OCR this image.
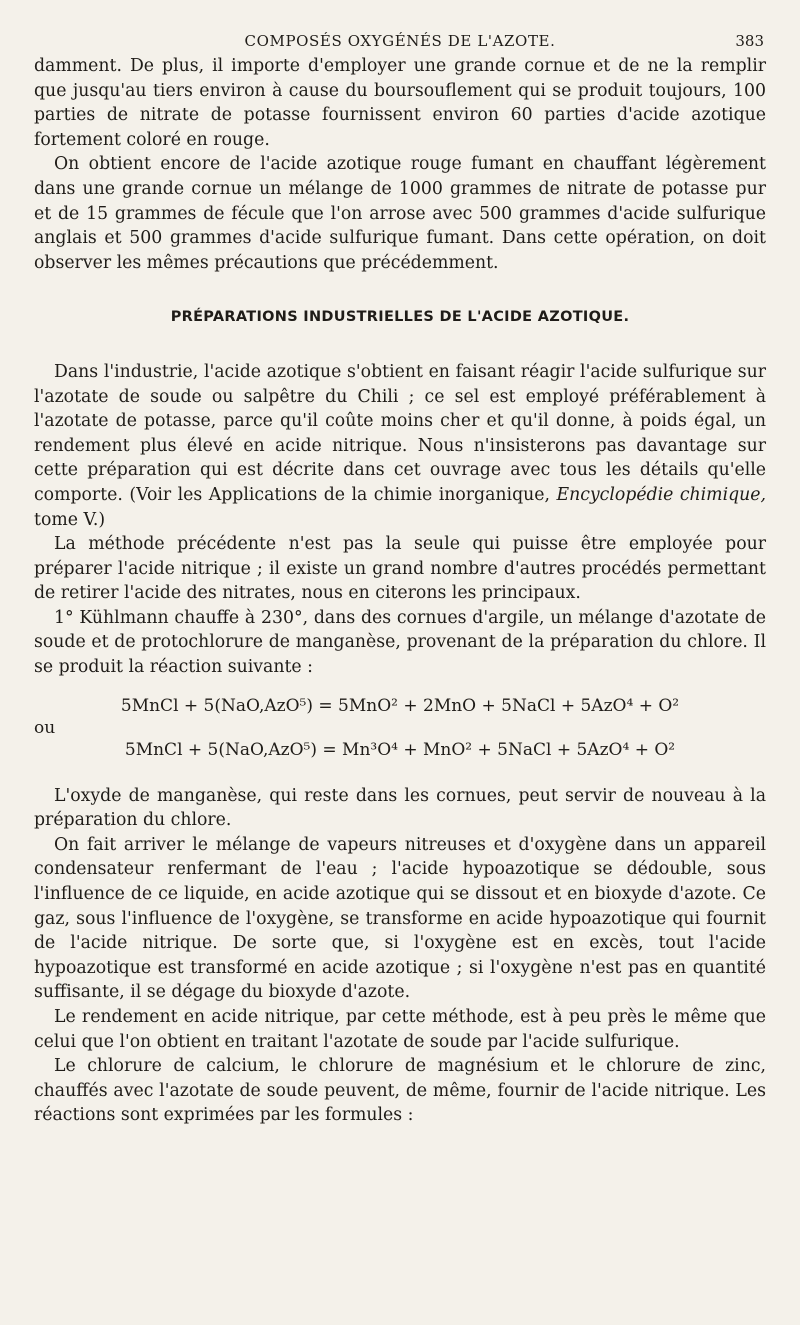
COMPOSÉS OXYGÉNÉS DE L'AZOTE.	383

damment. De plus, il importe d'employer une grande cornue et de ne la remplir que jusqu'au tiers environ à cause du boursouflement qui se produit toujours, 100 parties de nitrate de potasse fournissent environ 60 parties d'acide azotique fortement coloré en rouge.

On obtient encore de l'acide azotique rouge fumant en chauffant légèrement dans une grande cornue un mélange de 1000 grammes de nitrate de potasse pur et de 15 grammes de fécule que l'on arrose avec 500 grammes d'acide sulfurique anglais et 500 grammes d'acide sulfurique fumant. Dans cette opération, on doit observer les mêmes précautions que précédemment.

PRÉPARATIONS INDUSTRIELLES DE L'ACIDE AZOTIQUE.

Dans l'industrie, l'acide azotique s'obtient en faisant réagir l'acide sulfurique sur l'azotate de soude ou salpêtre du Chili ; ce sel est employé préférablement à l'azotate de potasse, parce qu'il coûte moins cher et qu'il donne, à poids égal, un rendement plus élevé en acide nitrique. Nous n'insisterons pas davantage sur cette préparation qui est décrite dans cet ouvrage avec tous les détails qu'elle comporte. (Voir les Applications de la chimie inorganique, Encyclopédie chimique, tome V.)

La méthode précédente n'est pas la seule qui puisse être employée pour préparer l'acide nitrique ; il existe un grand nombre d'autres procédés permettant de retirer l'acide des nitrates, nous en citerons les principaux.

1° Kühlmann chauffe à 230°, dans des cornues d'argile, un mélange d'azotate de soude et de protochlorure de manganèse, provenant de la préparation du chlore. Il se produit la réaction suivante :

5MnCl + 5(NaO,AzO⁵) = 5MnO² + 2MnO + 5NaCl + 5AzO⁴ + O²

ou

5MnCl + 5(NaO,AzO⁵) = Mn³O⁴ + MnO² + 5NaCl + 5AzO⁴ + O²

L'oxyde de manganèse, qui reste dans les cornues, peut servir de nouveau à la préparation du chlore.

On fait arriver le mélange de vapeurs nitreuses et d'oxygène dans un appareil condensateur renfermant de l'eau ; l'acide hypoazotique se dédouble, sous l'influence de ce liquide, en acide azotique qui se dissout et en bioxyde d'azote. Ce gaz, sous l'influence de l'oxygène, se transforme en acide hypoazotique qui fournit de l'acide nitrique. De sorte que, si l'oxygène est en excès, tout l'acide hypoazotique est transformé en acide azotique ; si l'oxygène n'est pas en quantité suffisante, il se dégage du bioxyde d'azote.

Le rendement en acide nitrique, par cette méthode, est à peu près le même que celui que l'on obtient en traitant l'azotate de soude par l'acide sulfurique.

Le chlorure de calcium, le chlorure de magnésium et le chlorure de zinc, chauffés avec l'azotate de soude peuvent, de même, fournir de l'acide nitrique. Les réactions sont exprimées par les formules :
